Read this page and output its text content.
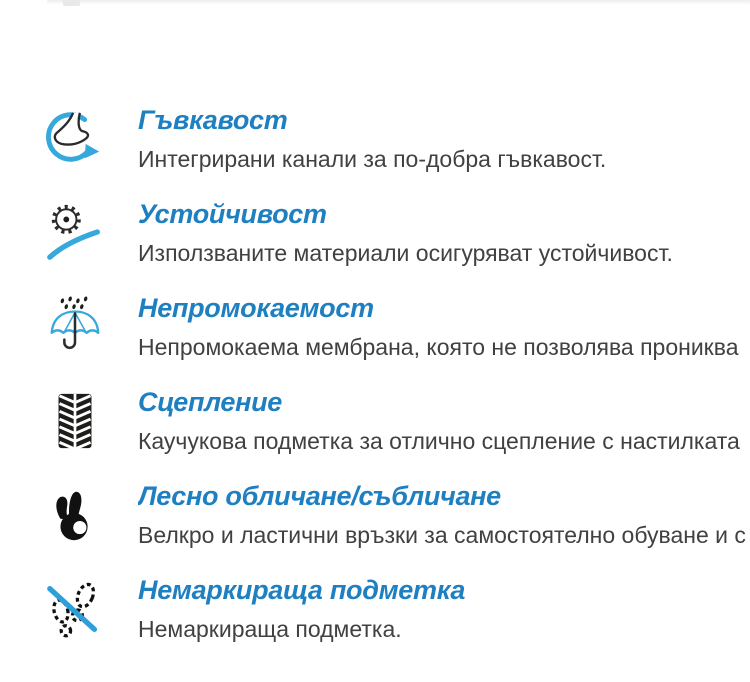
Гъвкавост
Интегрирани канали за по-добра гъвкавост.
Устойчивост
Използваните материали осигуряват устойчивост.
Непромокаемост
Непромокаема мембрана, която не позволява прониква
Сцепление
Каучукова подметка за отлично сцепление с настилката
Лесно обличане/събличане
Велкро и ластични връзки за самостоятелно обуване и с
Немаркираща подметка
Немаркираща подметка.
